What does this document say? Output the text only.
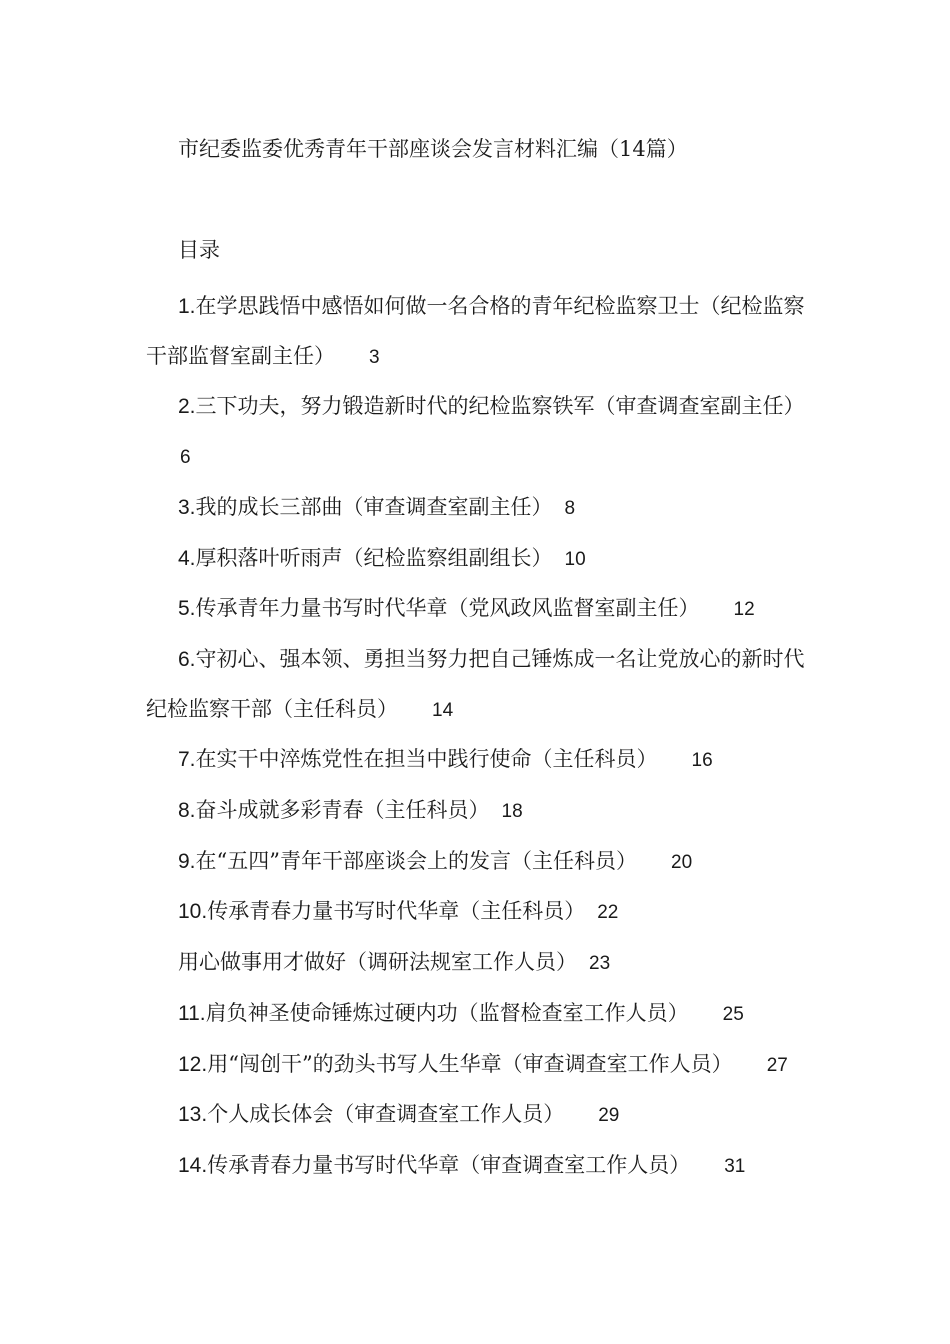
市纪委监委优秀青年干部座谈会发言材料汇编（14篇）
目录
1.在学思践悟中感悟如何做一名合格的青年纪检监察卫士（纪检监察干部监督室副主任） 3
2.三下功夫，努力锻造新时代的纪检监察铁军（审查调查室副主任）6
3.我的成长三部曲（审查调查室副主任） 8
4.厚积落叶听雨声（纪检监察组副组长） 10
5.传承青年力量书写时代华章（党风政风监督室副主任） 12
6.守初心、强本领、勇担当努力把自己锤炼成一名让党放心的新时代纪检监察干部（主任科员） 14
7.在实干中淬炼党性在担当中践行使命（主任科员） 16
8.奋斗成就多彩青春（主任科员） 18
9.在“五四”青年干部座谈会上的发言（主任科员） 20
10.传承青春力量书写时代华章（主任科员） 22
用心做事用才做好（调研法规室工作人员） 23
11.肩负神圣使命锤炼过硬内功（监督检查室工作人员） 25
12.用“闯创干”的劲头书写人生华章（审查调查室工作人员） 27
13.个人成长体会（审查调查室工作人员） 29
14.传承青春力量书写时代华章（审查调查室工作人员） 31
